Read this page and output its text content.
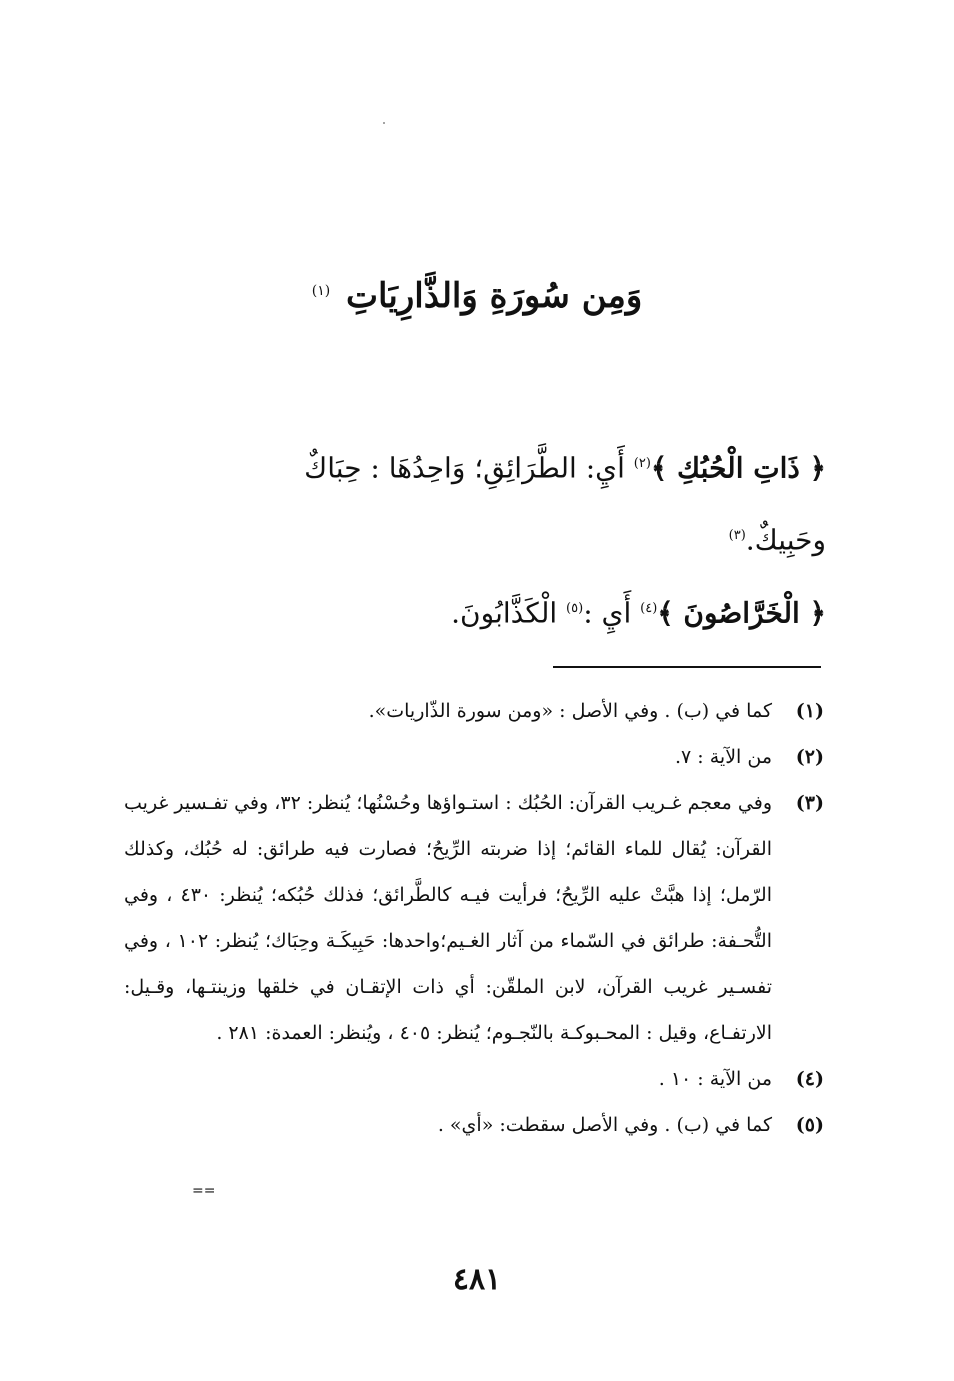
وَمِن سُورَةِ وَالذَّارِيَاتِ $^{(١)}$

﴿ ذَاتِ الْحُبُكِ ﴾$^{(٢)}$ أَيِ: الطَّرَائِقِ؛ وَاحِدُهَا : حِبَاكٌ

وحَبِيكٌ.$^{(٣)}$

﴿ الْخَرَّاصُونَ ﴾$^{(٤)}$ أَيِ :$^{(٥)}$ الْكَذَّابُونَ.

(١)
كما في (ب) . وفي الأصل : «ومن سورة الذّاريات».
(٢)
من الآية : ٧.
(٣)
وفي معجم غـريب القرآن: الحُبُك : استـواؤها وحُسْنُها؛ يُنظر: ٣٢، وفي تفـسير غريب القرآن: يُقال للماء القائم؛ إذا ضربته الرِّيحُ؛ فصارت فيه طرائق: له حُبُك، وكذلك الرّمل؛ إذا هبَّتْ عليه الرِّيحُ؛ فرأيت فيـه كالطَّرائق؛ فذلك حُبُكه؛ يُنظر: ٤٣٠ ، وفي التُّحـفة: طرائق في السّماء من آثار الغـيم؛واحدها: حَبِيكَـة وحِبَاك؛ يُنظر: ١٠٢ ، وفي تفسـير غريب القرآن، لابن الملقّن: أي ذات الإتقـان في خلقها وزينتـها، وقـيل: الارتفـاع، وقيل : المحـبوكـة بالنّجـوم؛ يُنظر: ٤٠٥ ، ويُنظر: العمدة: ٢٨١ .
(٤)
من الآية : ١٠ .
(٥)
كما في (ب) . وفي الأصل سقطت: «أي» .
==
٤٨١
